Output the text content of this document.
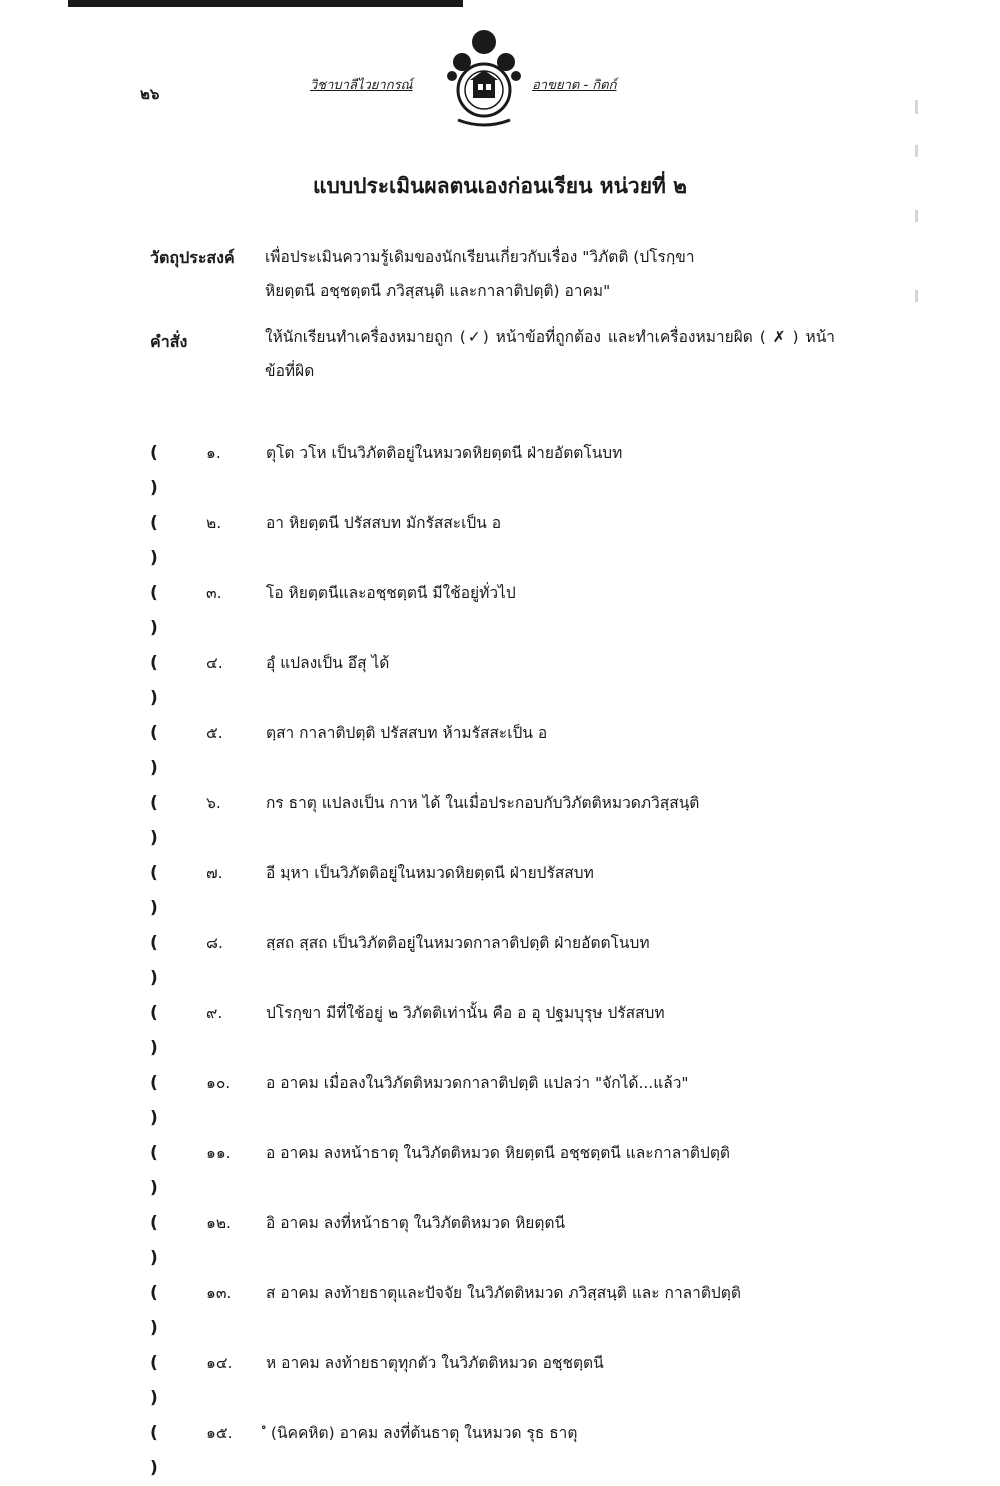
๒๖	วิชาบาลีไวยากรณ์	อาขยาต - กิตก์
แบบประเมินผลตนเองก่อนเรียน หน่วยที่ ๒
วัตถุประสงค์ เพื่อประเมินความรู้เดิมของนักเรียนเกี่ยวกับเรื่อง "วิภัตติ (ปโรกฺขา
หิยตฺตนี อชฺชตฺตนี ภวิสฺสนฺติ และกาลาติปตฺติ) อาคม"
คำสั่ง	ให้นักเรียนทำเครื่องหมายถูก (✓) หน้าข้อที่ถูกต้อง และทำเครื่องหมายผิด ( ✗ ) หน้าข้อที่ผิด
( )
๑.	ตุโต วโห เป็นวิภัตติอยู่ในหมวดหิยตฺตนี ฝ่ายอัตตโนบท
( )
๒.	อา หิยตฺตนี ปรัสสบท มักรัสสะเป็น อ
( )
๓.	โอ หิยตฺตนีและอชฺชตฺตนี มีใช้อยู่ทั่วไป
( )
๔.	อุํ แปลงเป็น อึสุ ได้
( )
๕.	ตฺสา กาลาติปตฺติ ปรัสสบท ห้ามรัสสะเป็น อ
( )
๖.	กร ธาตุ แปลงเป็น กาห ได้ ในเมื่อประกอบกับวิภัตติหมวดภวิสฺสนฺติ
( )
๗.	อี มฺหา เป็นวิภัตติอยู่ในหมวดหิยตฺตนี ฝ่ายปรัสสบท
( )
๘.	สฺสถ สฺสถ เป็นวิภัตติอยู่ในหมวดกาลาติปตฺติ ฝ่ายอัตตโนบท
( )
๙.	ปโรกฺขา มีที่ใช้อยู่ ๒ วิภัตติเท่านั้น คือ อ อุ ปฐมบุรุษ ปรัสสบท
( )
๑๐.	อ อาคม เมื่อลงในวิภัตติหมวดกาลาติปตฺติ แปลว่า "จักได้...แล้ว"
( )
๑๑.	อ อาคม ลงหน้าธาตุ ในวิภัตติหมวด หิยตฺตนี อชฺชตฺตนี และกาลาติปตฺติ
( )
๑๒.	อิ อาคม ลงที่หน้าธาตุ ในวิภัตติหมวด หิยตฺตนี
( )
๑๓.	ส อาคม ลงท้ายธาตุและปัจจัย ในวิภัตติหมวด ภวิสฺสนฺติ และ กาลาติปตฺติ
( )
๑๔.	ห อาคม ลงท้ายธาตุทุกตัว ในวิภัตติหมวด อชฺชตฺตนี
( )
๑๕.	ํ (นิคคหิต) อาคม ลงที่ต้นธาตุ ในหมวด รุธ ธาตุ
